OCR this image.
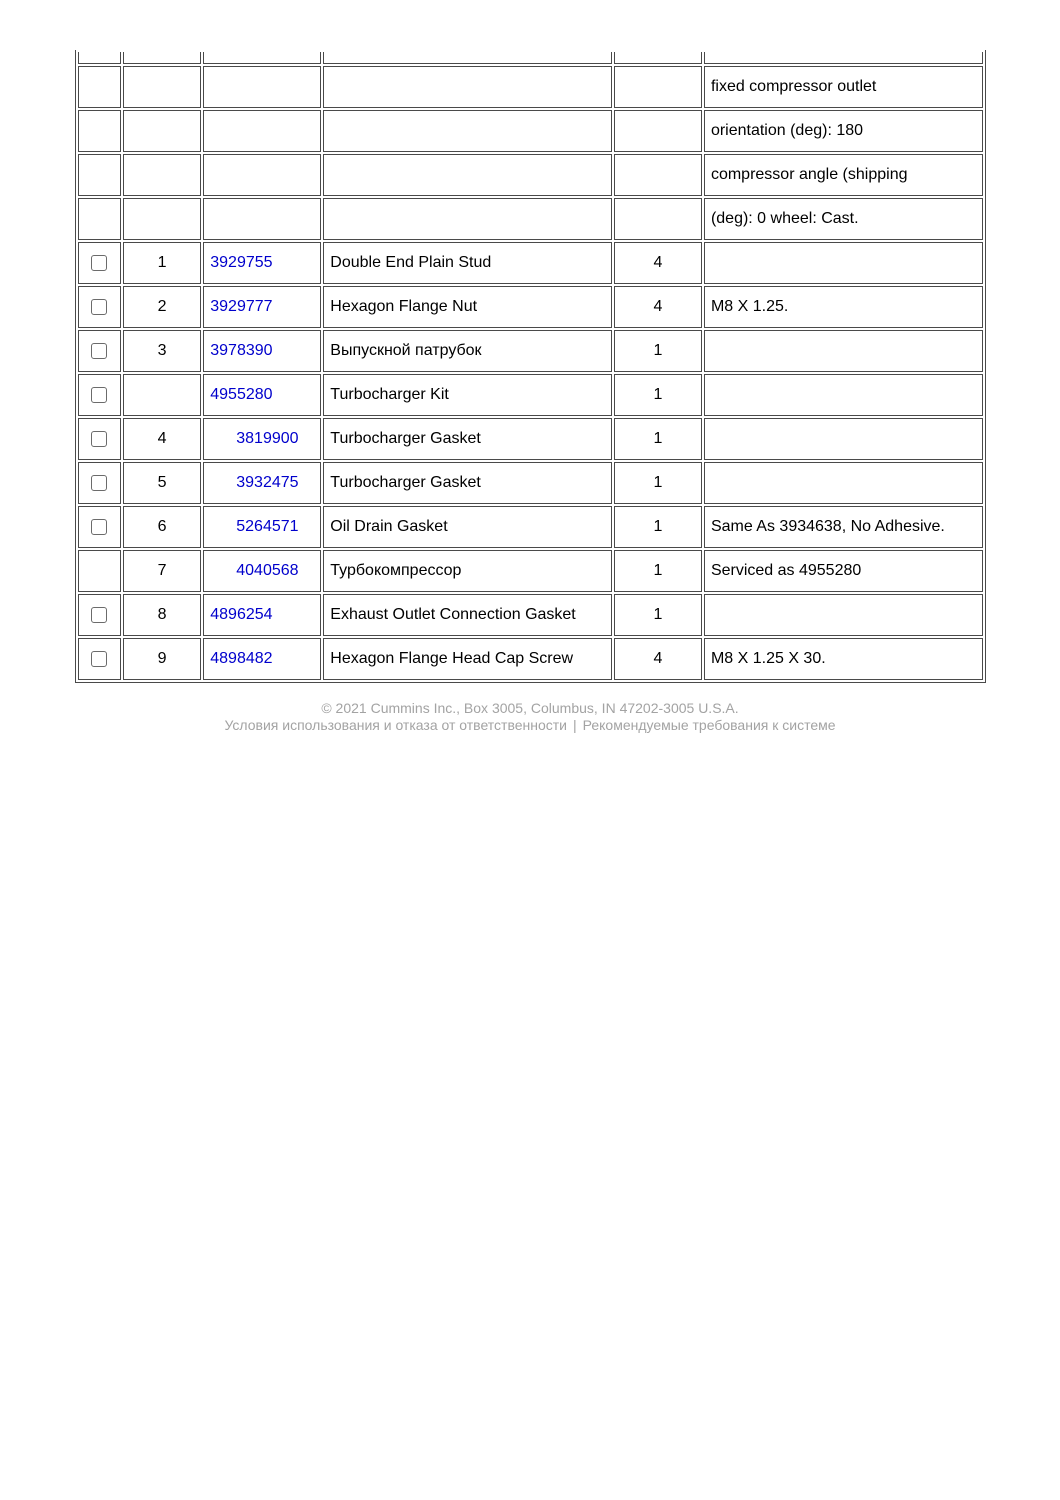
					fixed compressor outlet
					orientation (deg): 180
					compressor angle (shipping
					(deg): 0 wheel: Cast.
	1	3929755	Double End Plain Stud	4	
	2	3929777	Hexagon Flange Nut	4	M8 X 1.25.
	3	3978390	Выпускной патрубок	1	
		4955280	Turbocharger Kit	1	
	4	3819900	Turbocharger Gasket	1	
	5	3932475	Turbocharger Gasket	1	
	6	5264571	Oil Drain Gasket	1	Same As 3934638, No Adhesive.
	7	4040568	Турбокомпрессор	1	Serviced as 4955280
	8	4896254	Exhaust Outlet Connection Gasket	1	
	9	4898482	Hexagon Flange Head Cap Screw	4	M8 X 1.25 X 30.
© 2021 Cummins Inc., Box 3005, Columbus, IN 47202-3005 U.S.A.
Условия использования и отказа от ответственности | Рекомендуемые требования к системе
